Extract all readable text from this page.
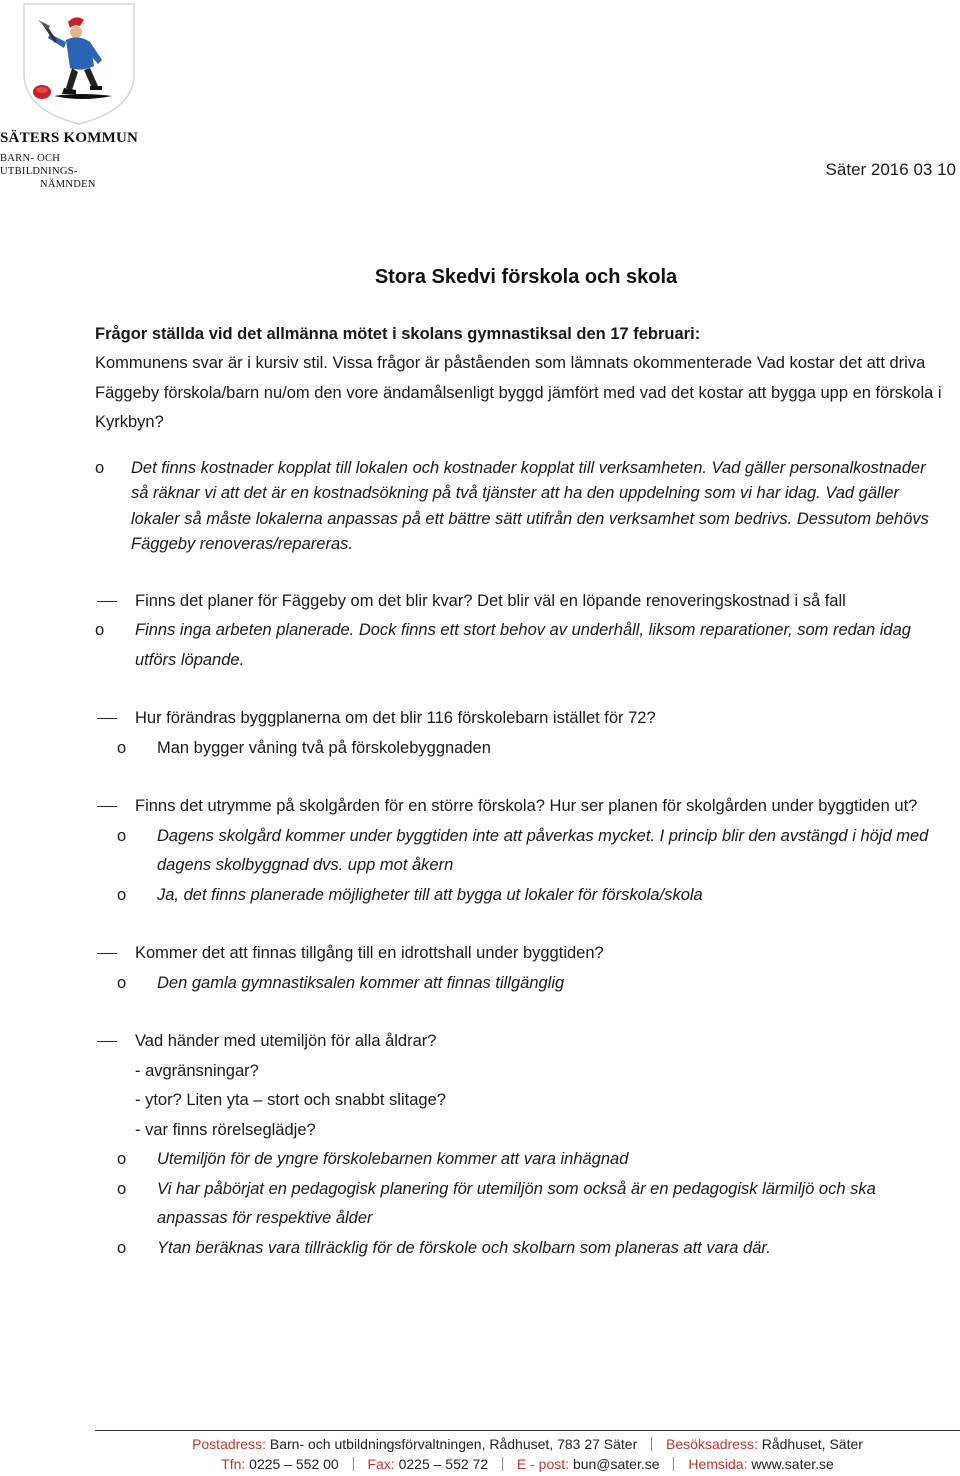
SÄTERS KOMMUN
BARN- OCH UTBILDNINGS-
NÄMNDEN
Säter 2016 03 10
Stora Skedvi förskola och skola

Frågor ställda vid det allmänna mötet i skolans gymnastiksal den 17 februari:

Kommunens svar är i kursiv stil. Vissa frågor är påståenden som lämnats okommenterade Vad kostar det att driva Fäggeby förskola/barn nu/om den vore ändamålsenligt byggd jämfört med vad det kostar att bygga upp en förskola i Kyrkbyn?

o Det finns kostnader kopplat till lokalen och kostnader kopplat till verksamheten. Vad gäller personalkostnader så räknar vi att det är en kostnadsökning på två tjänster att ha den uppdelning som vi har idag. Vad gäller lokaler så måste lokalerna anpassas på ett bättre sätt utifrån den verksamhet som bedrivs. Dessutom behövs Fäggeby renoveras/repareras.

Finns det planer för Fäggeby om det blir kvar? Det blir väl en löpande renoveringskostnad i så fall

o Finns inga arbeten planerade. Dock finns ett stort behov av underhåll, liksom reparationer, som redan idag utförs löpande.

Hur förändras byggplanerna om det blir 116 förskolebarn istället för 72?

o Man bygger våning två på förskolebyggnaden

Finns det utrymme på skolgården för en större förskola? Hur ser planen för skolgården under byggtiden ut?

o Dagens skolgård kommer under byggtiden inte att påverkas mycket. I princip blir den avstängd i höjd med dagens skolbyggnad dvs. upp mot åkern

o Ja, det finns planerade möjligheter till att bygga ut lokaler för förskola/skola

Kommer det att finnas tillgång till en idrottshall under byggtiden?

o Den gamla gymnastiksalen kommer att finnas tillgänglig

Vad händer med utemiljön för alla åldrar?

- avgränsningar?

- ytor? Liten yta – stort och snabbt slitage?

- var finns rörelseglädje?

o Utemiljön för de yngre förskolebarnen kommer att vara inhägnad

o Vi har påbörjat en pedagogisk planering för utemiljön som också är en pedagogisk lärmiljö och ska anpassas för respektive ålder

o Ytan beräknas vara tillräcklig för de förskole och skolbarn som planeras att vara där.

Postadress: Barn- och utbildningsförvaltningen, Rådhuset, 783 27 Säter Besöksadress: Rådhuset, Säter
Tfn: 0225 – 552 00 Fax: 0225 – 552 72 E - post: bun@sater.se Hemsida: www.sater.se
